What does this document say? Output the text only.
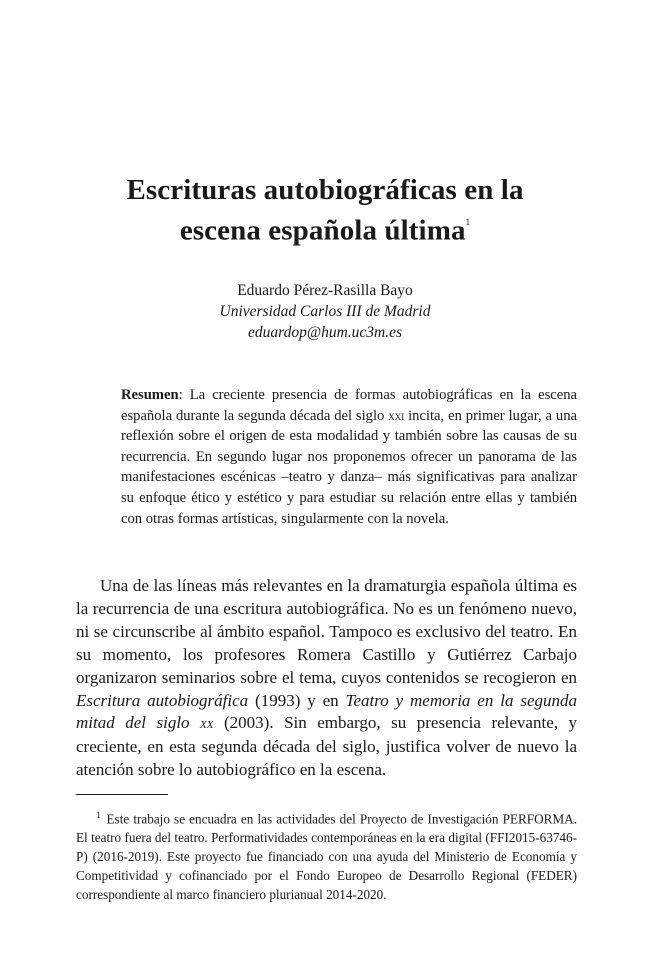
Escrituras autobiográficas en la
escena española última$^1$
Eduardo Pérez-Rasilla Bayo
Universidad Carlos III de Madrid
eduardop@hum.uc3m.es

Resumen: La creciente presencia de formas autobiográficas en la escena española durante la segunda década del siglo xxi incita, en primer lugar, a una reflexión sobre el origen de esta modalidad y también sobre las causas de su recurrencia. En segundo lugar nos proponemos ofrecer un panorama de las manifestaciones escénicas –teatro y danza– más significativas para analizar su enfoque ético y estético y para estudiar su relación entre ellas y también con otras formas artísticas, singularmente con la novela.

Una de las líneas más relevantes en la dramaturgia española última es la recurrencia de una escritura autobiográfica. No es un fenómeno nuevo, ni se circunscribe al ámbito español. Tampoco es exclusivo del teatro. En su momento, los profesores Romera Castillo y Gutiérrez Carbajo organizaron seminarios sobre el tema, cuyos contenidos se recogieron en Escritura autobiográfica (1993) y en Teatro y memoria en la segunda mitad del siglo xx (2003). Sin embargo, su presencia relevante, y creciente, en esta segunda década del siglo, justifica volver de nuevo la atención sobre lo autobiográfico en la escena.

$^1$ Este trabajo se encuadra en las actividades del Proyecto de Investigación PERFORMA. El teatro fuera del teatro. Performatividades contemporáneas en la era digital (FFI2015-63746-P) (2016-2019). Este proyecto fue financiado con una ayuda del Ministerio de Economía y Competitividad y cofinanciado por el Fondo Europeo de Desarrollo Regional (FEDER) correspondiente al marco financiero plurianual 2014-2020.
